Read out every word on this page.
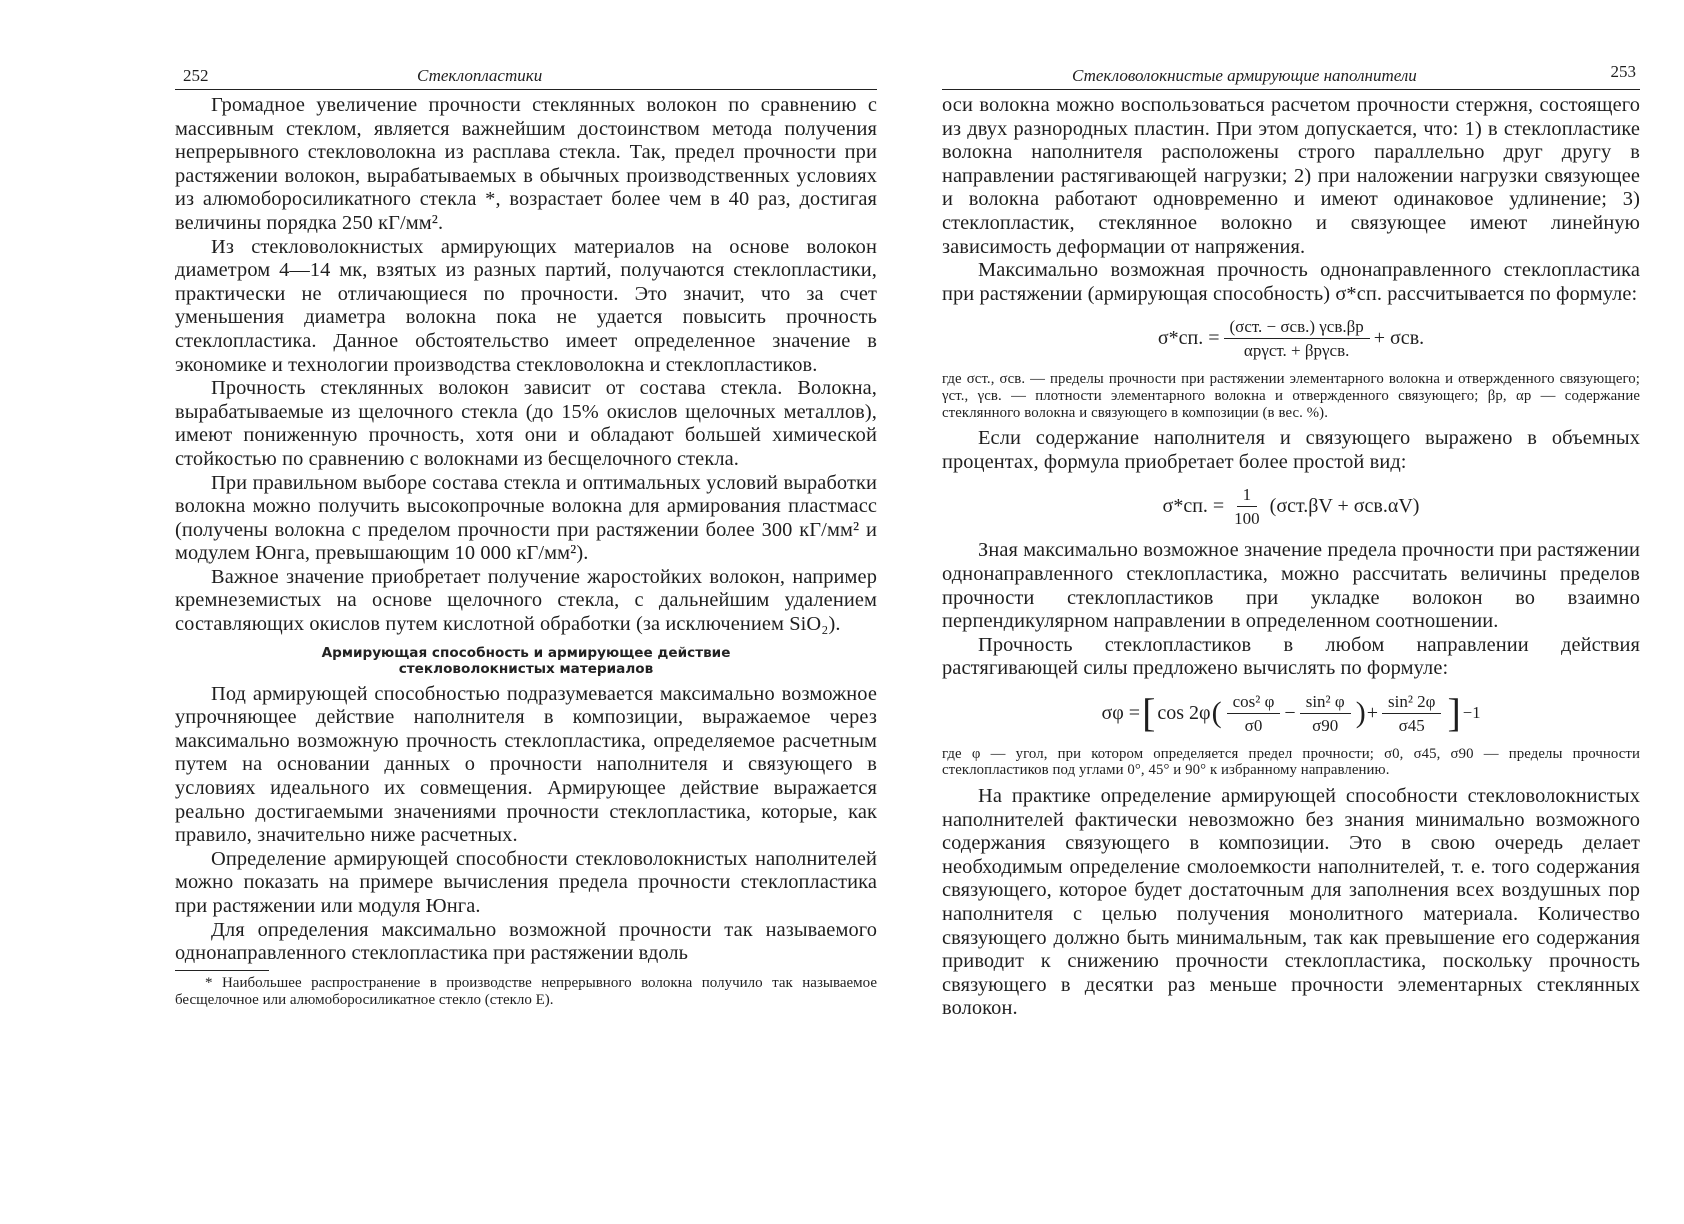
252	Стеклопластики

Громадное увеличение прочности стеклянных волокон по сравнению с массивным стеклом, является важнейшим достоинством метода получения непрерывного стекловолокна из расплава стекла. Так, предел прочности при растяжении волокон, вырабатываемых в обычных производственных условиях из алюмоборосиликатного стекла *, возрастает более чем в 40 раз, достигая величины порядка 250 кГ/мм².

Из стекловолокнистых армирующих материалов на основе волокон диаметром 4—14 мк, взятых из разных партий, получаются стеклопластики, практически не отличающиеся по прочности. Это значит, что за счет уменьшения диаметра волокна пока не удается повысить прочность стеклопластика. Данное обстоятельство имеет определенное значение в экономике и технологии производства стекловолокна и стеклопластиков.

Прочность стеклянных волокон зависит от состава стекла. Волокна, вырабатываемые из щелочного стекла (до 15% окислов щелочных металлов), имеют пониженную прочность, хотя они и обладают большей химической стойкостью по сравнению с волокнами из бесщелочного стекла.

При правильном выборе состава стекла и оптимальных условий выработки волокна можно получить высокопрочные волокна для армирования пластмасс (получены волокна с пределом прочности при растяжении более 300 кГ/мм² и модулем Юнга, превышающим 10 000 кГ/мм²).

Важное значение приобретает получение жаростойких волокон, например кремнеземистых на основе щелочного стекла, с дальнейшим удалением составляющих окислов путем кислотной обработки (за исключением SiO₂).

Армирующая способность и армирующее действие
стекловолокнистых материалов

Под армирующей способностью подразумевается максимально возможное упрочняющее действие наполнителя в композиции, выражаемое через максимально возможную прочность стеклопластика, определяемое расчетным путем на основании данных о прочности наполнителя и связующего в условиях идеального их совмещения. Армирующее действие выражается реально достигаемыми значениями прочности стеклопластика, которые, как правило, значительно ниже расчетных.

Определение армирующей способности стекловолокнистых наполнителей можно показать на примере вычисления предела прочности стеклопластика при растяжении или модуля Юнга.

Для определения максимально возможной прочности так называемого однонаправленного стеклопластика при растяжении вдоль

* Наибольшее распространение в производстве непрерывного волокна получило так называемое бесщелочное или алюмоборосиликатное стекло (стекло Е).

Стекловолокнистые армирующие наполнители	253

оси волокна можно воспользоваться расчетом прочности стержня, состоящего из двух разнородных пластин. При этом допускается, что: 1) в стеклопластике волокна наполнителя расположены строго параллельно друг другу в направлении растягивающей нагрузки; 2) при наложении нагрузки связующее и волокна работают одновременно и имеют одинаковое удлинение; 3) стеклопластик, стеклянное волокно и связующее имеют линейную зависимость деформации от напряжения.

Максимально возможная прочность однонаправленного стеклопластика при растяжении (армирующая способность) σ*сп. рассчитывается по формуле:

σ*сп. = $\frac{\text{(σст. − σсв.) γсв.βр}}{\text{αрγст. + βрγсв.}} + \sigma св$.

где σст., σсв. — пределы прочности при растяжении элементарного волокна и отвержденного связующего; γст., γсв. — плотности элементарного волокна и отвержденного связующего; βр, αр — содержание стеклянного волокна и связующего в композиции (в вес. %).

Если содержание наполнителя и связующего выражено в объемных процентах, формула приобретает более простой вид:

σ*сп. = $\frac{1}{100} (\sigma ст.\beta V + \sigma св.\alpha V)$

Зная максимально возможное значение предела прочности при растяжении однонаправленного стеклопластика, можно рассчитать величины пределов прочности стеклопластиков при укладке волокон во взаимно перпендикулярном направлении в определенном соотношении.

Прочность стеклопластиков в любом направлении действия растягивающей силы предложено вычислять по формуле:

σφ = [ cos 2φ ( $\frac{\text{cos² φ}}{\sigma 0} - \frac{\text{sin² φ}}{\sigma 90}$ ) + $\frac{\text{sin² 2φ}}{\sigma 45}$ ] −1

где φ — угол, при котором определяется предел прочности; σ0, σ45, σ90 — пределы прочности стеклопластиков под углами 0°, 45° и 90° к избранному направлению.

На практике определение армирующей способности стекловолокнистых наполнителей фактически невозможно без знания минимально возможного содержания связующего в композиции. Это в свою очередь делает необходимым определение смолоемкости наполнителей, т. е. того содержания связующего, которое будет достаточным для заполнения всех воздушных пор наполнителя с целью получения монолитного материала. Количество связующего должно быть минимальным, так как превышение его содержания приводит к снижению прочности стеклопластика, поскольку прочность связующего в десятки раз меньше прочности элементарных стеклянных волокон.
